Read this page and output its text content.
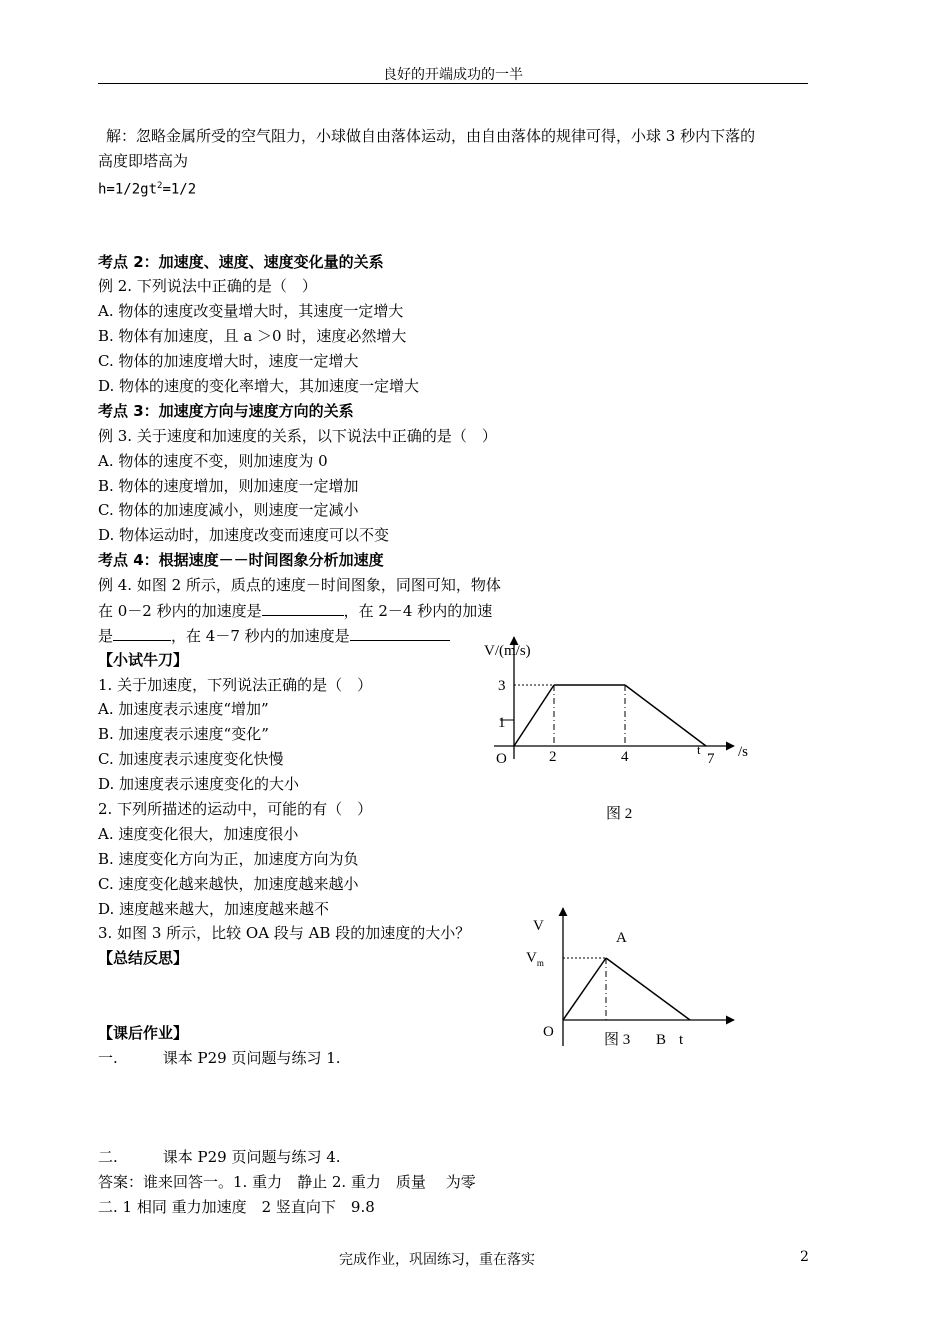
良好的开端成功的一半
解：忽略金属所受的空气阻力，小球做自由落体运动，由自由落体的规律可得，小球 3 秒内下落的
高度即塔高为
$h=1/2gt^2=1/2$
考点 2：加速度、速度、速度变化量的关系
例 2. 下列说法中正确的是（　）
A. 物体的速度改变量增大时，其速度一定增大
B. 物体有加速度，且 a ＞0 时，速度必然增大
C. 物体的加速度增大时，速度一定增大
D. 物体的速度的变化率增大，其加速度一定增大
考点 3：加速度方向与速度方向的关系
例 3. 关于速度和加速度的关系，以下说法中正确的是（　）
A. 物体的速度不变，则加速度为 0
B. 物体的速度增加，则加速度一定增加
C. 物体的加速度减小，则速度一定减小
D. 物体运动时，加速度改变而速度可以不变
考点 4：根据速度－－时间图象分析加速度
例 4. 如图 2 所示，质点的速度－时间图象，同图可知，物体
在 0－2 秒内的加速度是	，在 2－4 秒内的加速
是	，在 4－7 秒内的加速度是
【小试牛刀】
1. 关于加速度，下列说法正确的是（　）
A. 加速度表示速度“增加”
B. 加速度表示速度“变化”
C. 加速度表示速度变化快慢
D. 加速度表示速度变化的大小
2. 下列所描述的运动中，可能的有（　）
A. 速度变化很大，加速度很小
B. 速度变化方向为正，加速度方向为负
C. 速度变化越来越快，加速度越来越小
D. 速度越来越大，加速度越来越不
3. 如图 3 所示，比较 OA 段与 AB 段的加速度的大小？
【总结反思】
【课后作业】
一.　　　课本 P29 页问题与练习 1.
二.　　　课本 P29 页问题与练习 4.
答案：谁来回答一。1. 重力　静止 2. 重力　质量　 为零
二. 1 相同 重力加速度　2 竖直向下　9.8
V/(m/s)
3
1
O	2	4	t
7 /s
图 2
V
A
$V_m$
O	图 3 B t
完成作业，巩固练习，重在落实	2
